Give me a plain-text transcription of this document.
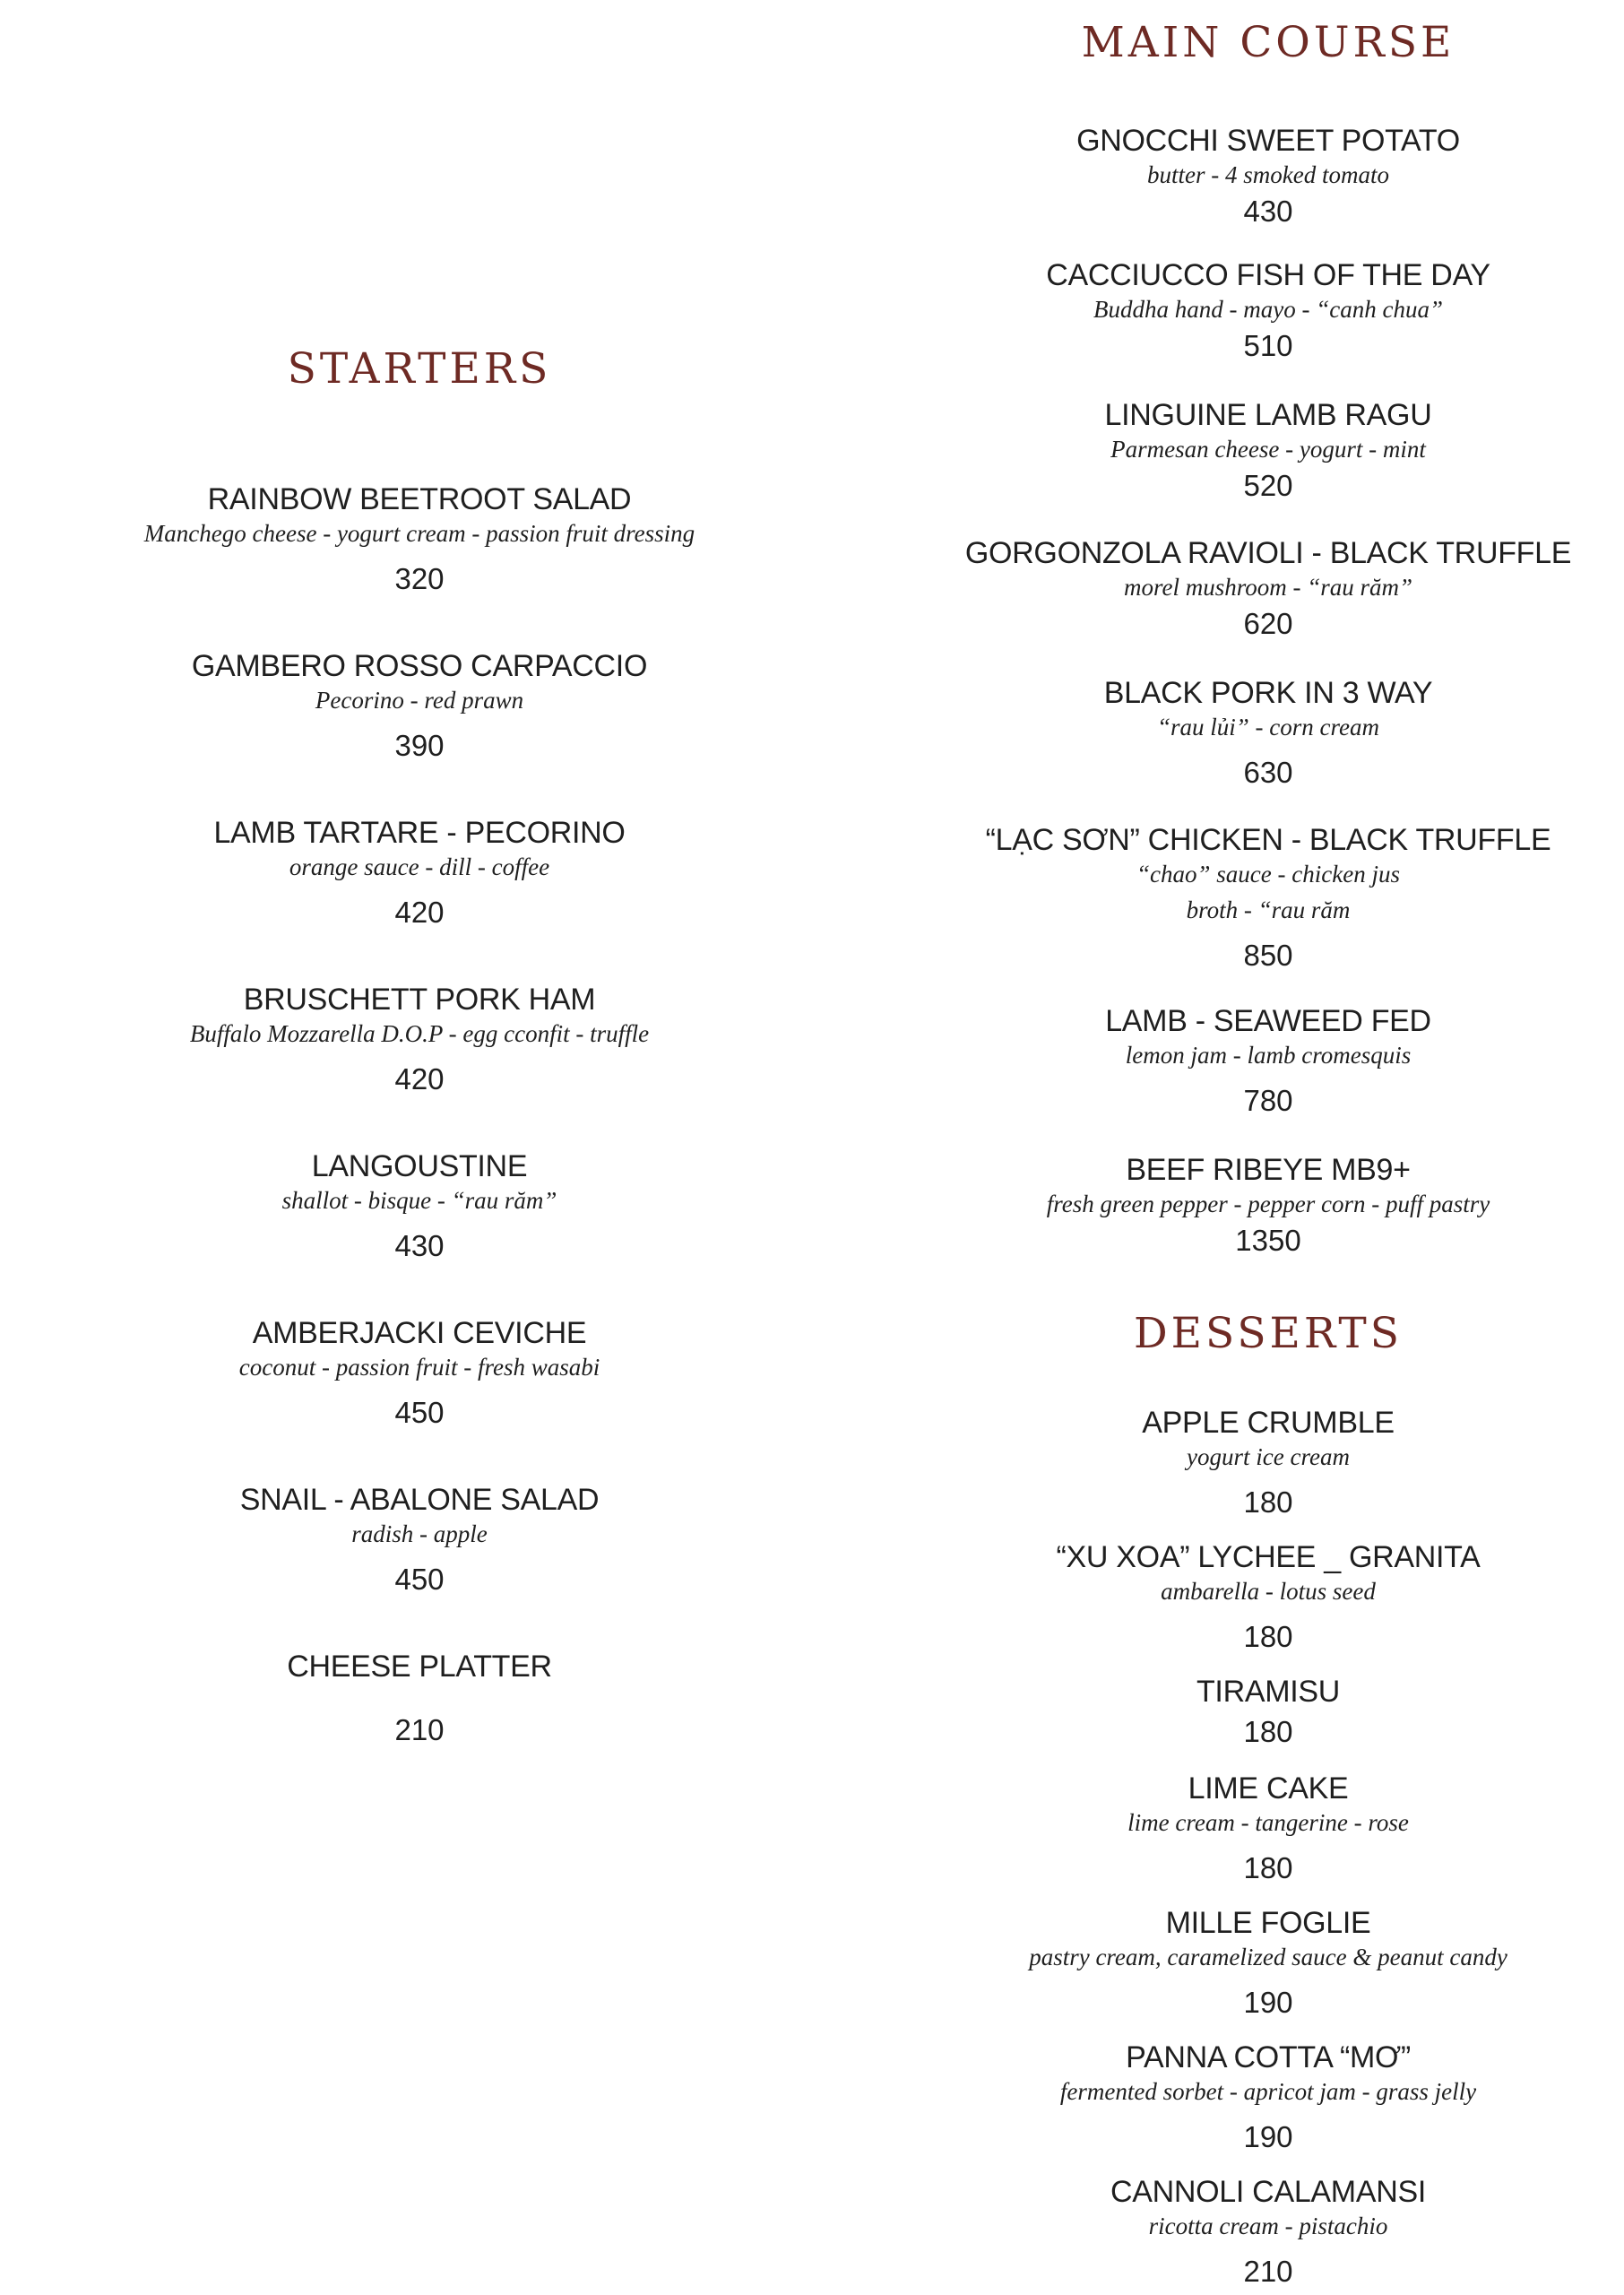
STARTERS
RAINBOW BEETROOT SALAD
Manchego cheese - yogurt cream - passion fruit dressing
320
GAMBERO ROSSO CARPACCIO
Pecorino - red prawn
390
LAMB TARTARE - PECORINO
orange sauce - dill - coffee
420
BRUSCHETT PORK HAM
Buffalo Mozzarella D.O.P - egg cconfit - truffle
420
LANGOUSTINE
shallot - bisque - “rau răm”
430
AMBERJACKI CEVICHE
coconut - passion fruit - fresh wasabi
450
SNAIL - ABALONE SALAD
radish - apple
450
CHEESE PLATTER
210
MAIN COURSE
GNOCCHI SWEET POTATO
butter - 4 smoked tomato
430
CACCIUCCO FISH OF THE DAY
Buddha hand - mayo - “canh chua”
510
LINGUINE LAMB RAGU
Parmesan cheese - yogurt - mint
520
GORGONZOLA RAVIOLI - BLACK TRUFFLE
morel mushroom - “rau răm”
620
BLACK PORK IN 3 WAY
“rau lủi” - corn cream
630
“LẠC SƠN” CHICKEN - BLACK TRUFFLE
“chao” sauce - chicken jus
broth - “rau răm
850
LAMB - SEAWEED FED
lemon jam - lamb cromesquis
780
BEEF RIBEYE MB9+
fresh green pepper - pepper corn - puff pastry
1350
DESSERTS
APPLE CRUMBLE
yogurt ice cream
180
“XU XOA” LYCHEE _ GRANITA
ambarella - lotus seed
180
TIRAMISU
180
LIME CAKE
lime cream - tangerine - rose
180
MILLE FOGLIE
pastry cream, caramelized sauce & peanut candy
190
PANNA COTTA “MƠ”
fermented sorbet - apricot jam - grass jelly
190
CANNOLI CALAMANSI
ricotta cream - pistachio
210
